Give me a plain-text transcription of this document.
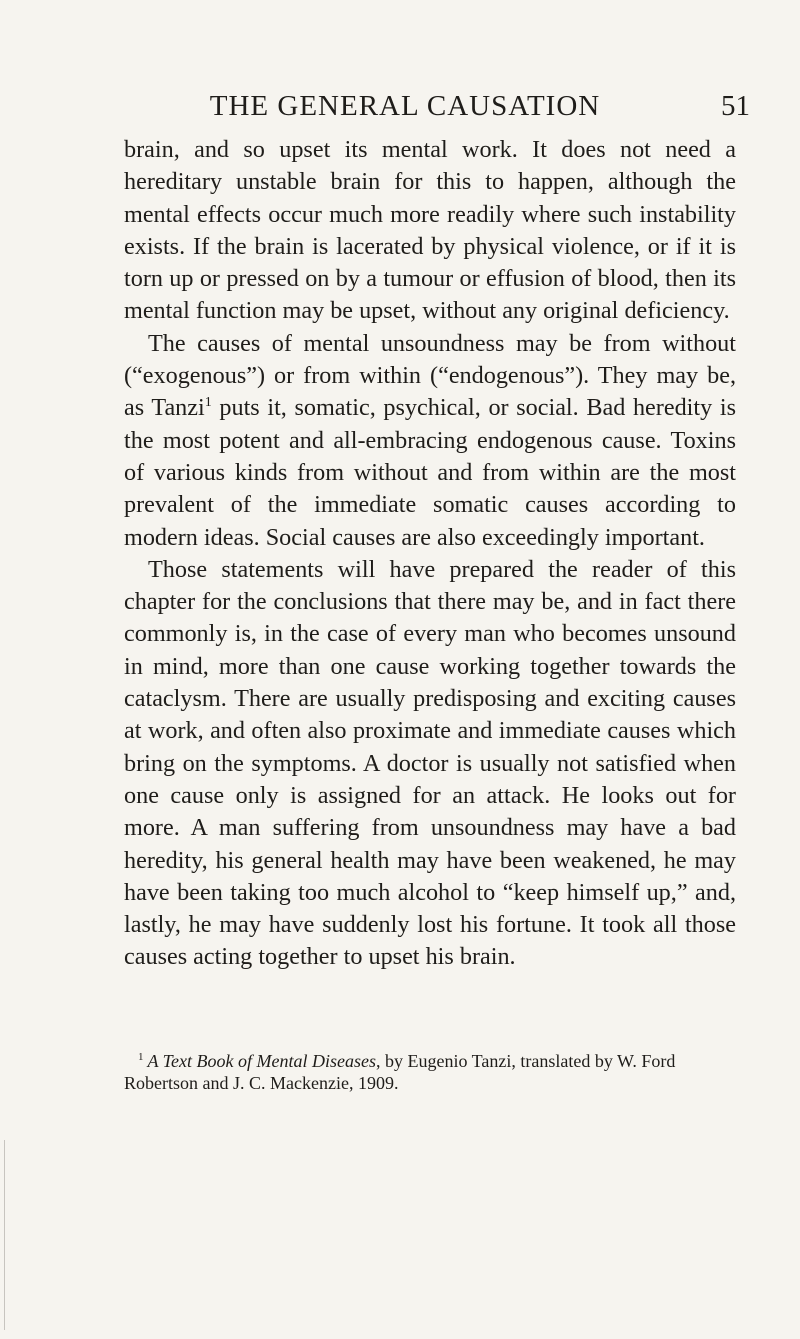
THE GENERAL CAUSATION	51

brain, and so upset its mental work. It does not need a hereditary unstable brain for this to happen, although the mental effects occur much more readily where such instability exists. If the brain is lacerated by physical violence, or if it is torn up or pressed on by a tumour or effusion of blood, then its mental function may be upset, without any original deficiency.

The causes of mental unsoundness may be from without (“exogenous”) or from within (“endogenous”). They may be, as Tanzi$^1$ puts it, somatic, psychical, or social. Bad heredity is the most potent and all-embracing endogenous cause. Toxins of various kinds from without and from within are the most prevalent of the immediate somatic causes according to modern ideas. Social causes are also exceedingly important.

Those statements will have prepared the reader of this chapter for the conclusions that there may be, and in fact there commonly is, in the case of every man who becomes unsound in mind, more than one cause working together towards the cataclysm. There are usually predisposing and exciting causes at work, and often also proximate and immediate causes which bring on the symptoms. A doctor is usually not satisfied when one cause only is assigned for an attack. He looks out for more. A man suffering from unsoundness may have a bad heredity, his general health may have been weakened, he may have been taking too much alcohol to “keep himself up,” and, lastly, he may have suddenly lost his fortune. It took all those causes acting together to upset his brain.

$^1$ A Text Book of Mental Diseases, by Eugenio Tanzi, translated by W. Ford Robertson and J. C. Mackenzie, 1909.
